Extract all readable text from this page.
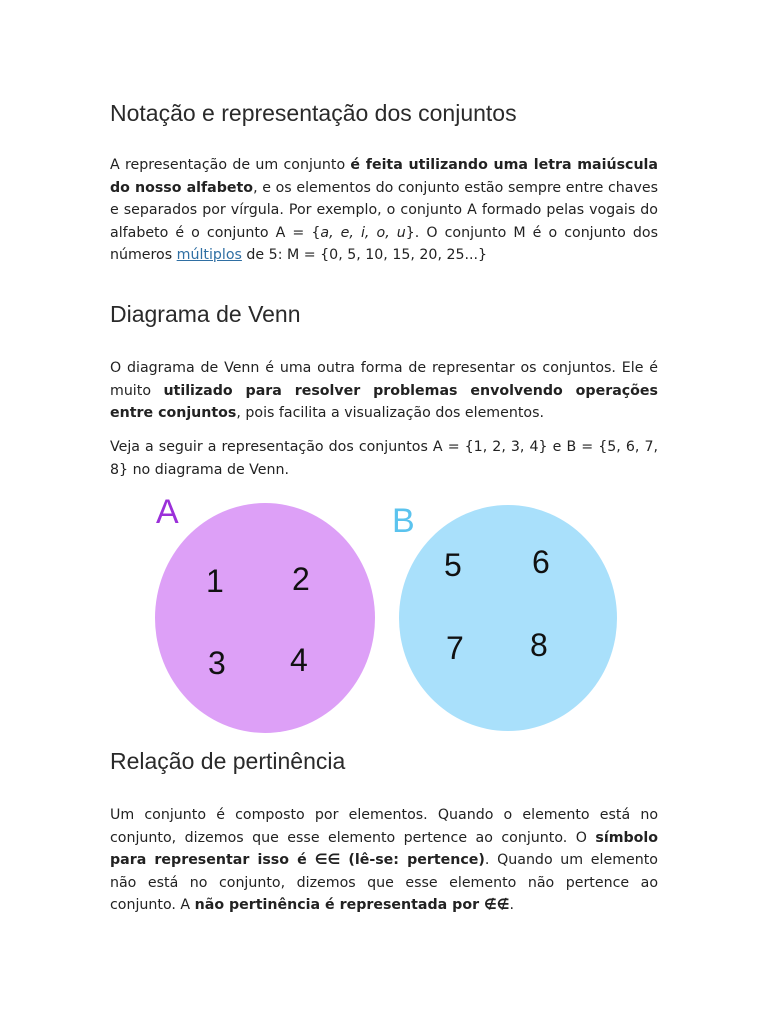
Notação e representação dos conjuntos
A representação de um conjunto é feita utilizando uma letra maiúscula do nosso alfabeto, e os elementos do conjunto estão sempre entre chaves e separados por vírgula. Por exemplo, o conjunto A formado pelas vogais do alfabeto é o conjunto A = {a, e, i, o, u}. O conjunto M é o conjunto dos números múltiplos de 5: M = {0, 5, 10, 15, 20, 25...}
Diagrama de Venn
O diagrama de Venn é uma outra forma de representar os conjuntos. Ele é muito utilizado para resolver problemas envolvendo operações entre conjuntos, pois facilita a visualização dos elementos.
Veja a seguir a representação dos conjuntos A = {1, 2, 3, 4} e B = {5, 6, 7, 8} no diagrama de Venn.
A	B
1 2
3 4
5 6
7 8
Relação de pertinência
Um conjunto é composto por elementos. Quando o elemento está no conjunto, dizemos que esse elemento pertence ao conjunto. O símbolo para representar isso é ∈∈ (lê-se: pertence). Quando um elemento não está no conjunto, dizemos que esse elemento não pertence ao conjunto. A não pertinência é representada por ∉∉.
